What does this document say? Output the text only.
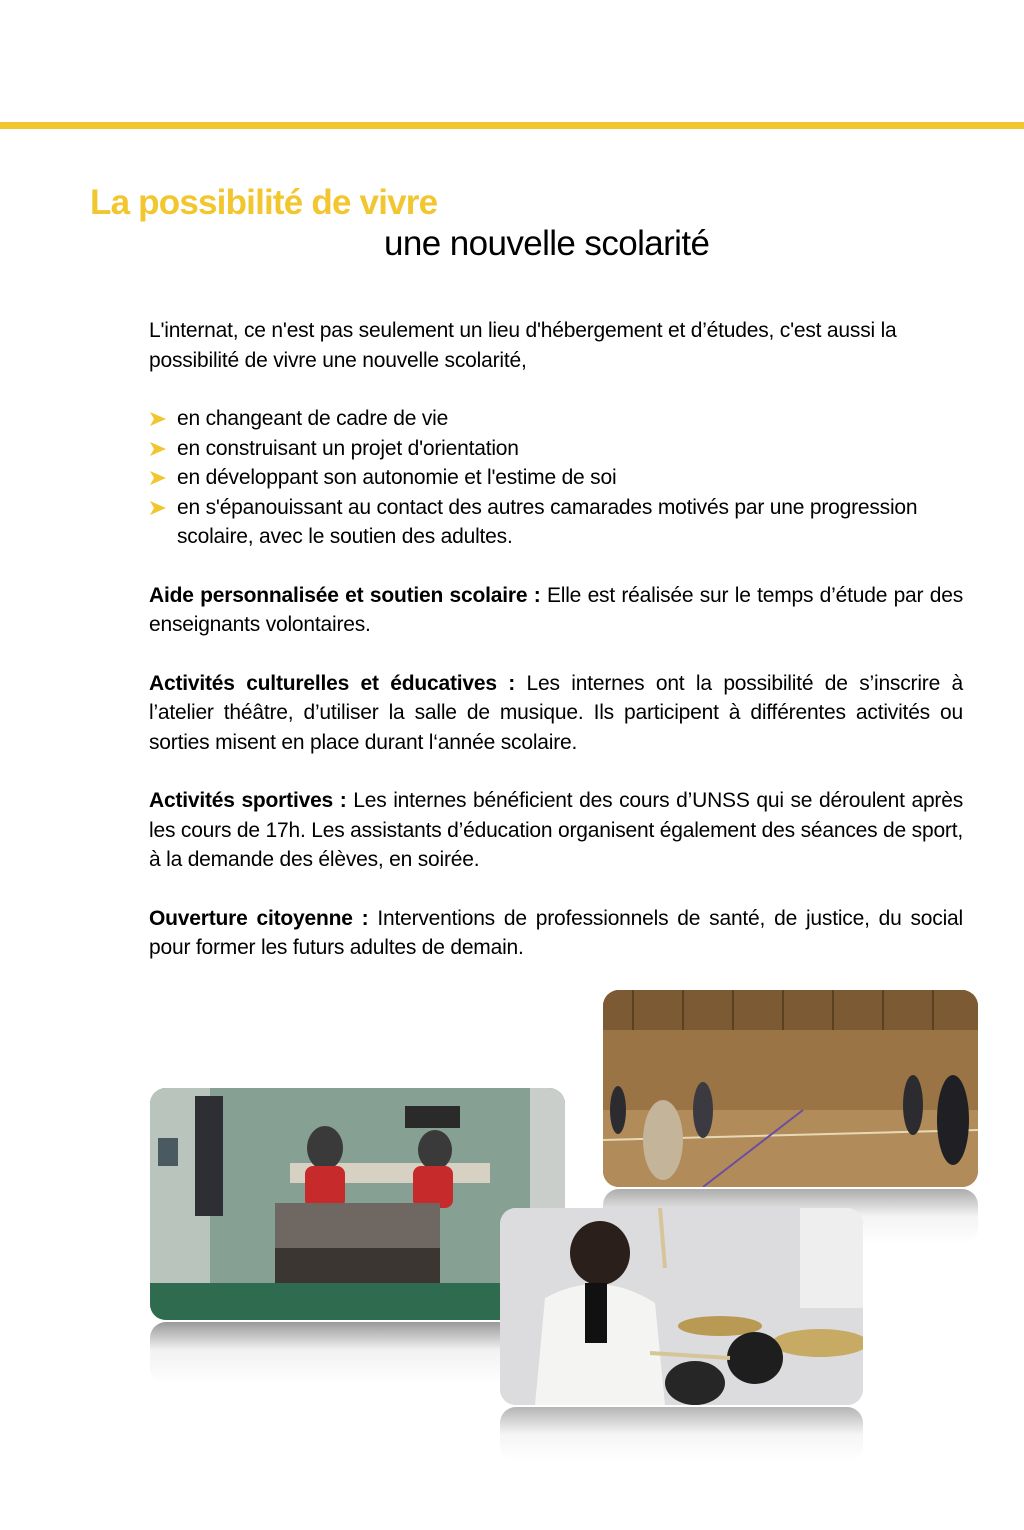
La possibilité de vivre
une nouvelle scolarité

L'internat, ce n'est pas seulement un lieu d'hébergement et d’études, c'est aussi la possibilité de vivre une nouvelle scolarité,

en changeant de cadre de vie
en construisant un projet d'orientation
en développant son autonomie et l'estime de soi
en s'épanouissant au contact des autres camarades motivés par une progression scolaire, avec le soutien des adultes.

Aide personnalisée et soutien scolaire : Elle est réalisée sur le temps d’étude par des enseignants volontaires.

Activités culturelles et éducatives : Les internes ont la possibilité de s’inscrire à l’atelier théâtre, d’utiliser la salle de musique. Ils participent à différentes activités ou sorties misent en place durant l‘année scolaire.

Activités sportives : Les internes bénéficient des cours d’UNSS qui se déroulent après les cours de 17h. Les assistants d’éducation organisent également des séances de sport, à la demande des élèves, en soirée.

Ouverture citoyenne : Interventions de professionnels de santé, de justice, du social pour former les futurs adultes de demain.
